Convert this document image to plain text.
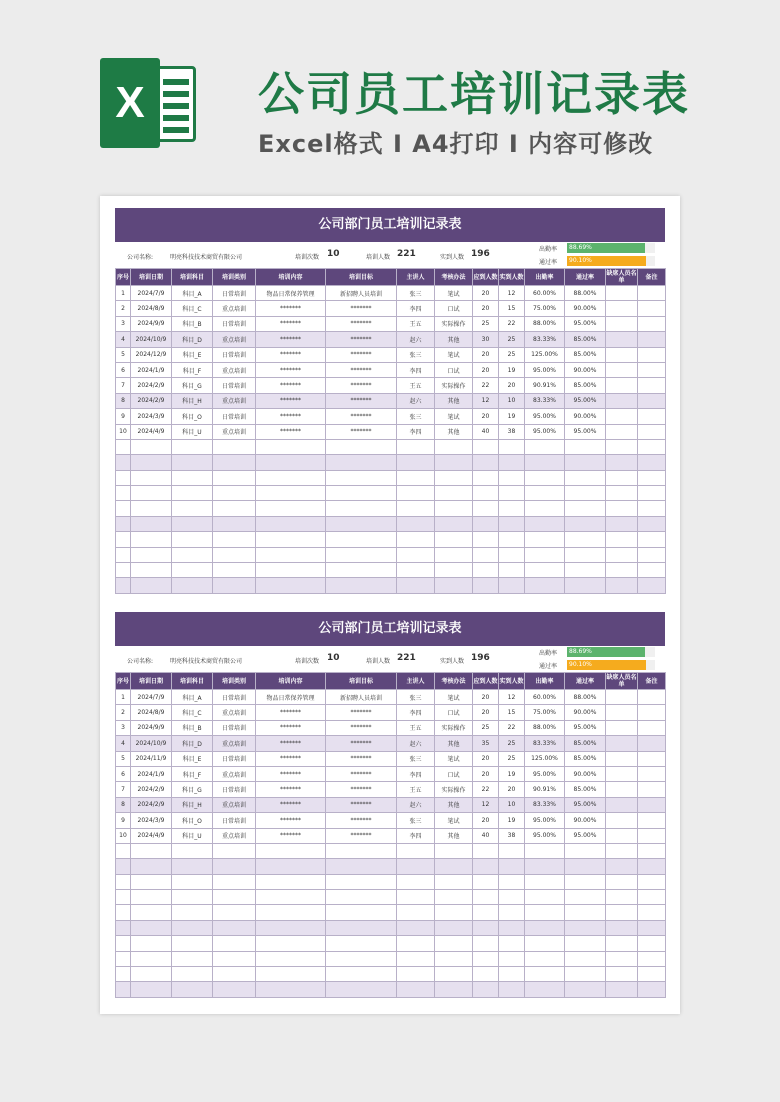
X	公司员工培训记录表
Excel格式 I A4打印 I 内容可修改
公司部门员工培训记录表
公司名称:	明亮科技技术商贸有限公司	培训次数 10	培训人数 221	实到人数 196	出勤率	88.69%
通过率	90.10%
序号	培训日期	培训科目	培训类别	培训内容	培训目标	主讲人	考核办法	应到人数	实到人数	出勤率	通过率	缺席人员名单	备注
1	2024/7/9	科目_A	日常培训	物品日常保养管理	新招聘人员培训	张三	笔试	20	12	60.00%	88.00%		
2	2024/8/9	科目_C	重点培训	*******	*******	李四	口试	20	15	75.00%	90.00%		
3	2024/9/9	科目_B	日常培训	*******	*******	王五	实际操作	25	22	88.00%	95.00%		
4	2024/10/9	科目_D	重点培训	*******	*******	赵六	其他	30	25	83.33%	85.00%		
5	2024/12/9	科目_E	日常培训	*******	*******	张三	笔试	20	25	125.00%	85.00%		
6	2024/1/9	科目_F	重点培训	*******	*******	李四	口试	20	19	95.00%	90.00%		
7	2024/2/9	科目_G	日常培训	*******	*******	王五	实际操作	22	20	90.91%	85.00%		
8	2024/2/9	科目_H	重点培训	*******	*******	赵六	其他	12	10	83.33%	95.00%		
9	2024/3/9	科目_O	日常培训	*******	*******	张三	笔试	20	19	95.00%	90.00%		
10	2024/4/9	科目_U	重点培训	*******	*******	李四	其他	40	38	95.00%	95.00%		

公司部门员工培训记录表
公司名称:	明亮科技技术商贸有限公司	培训次数 10	培训人数 221	实到人数 196	出勤率	88.69%
通过率	90.10%
序号	培训日期	培训科目	培训类别	培训内容	培训目标	主讲人	考核办法	应到人数	实到人数	出勤率	通过率	缺席人员名单	备注
1	2024/7/9	科目_A	日常培训	物品日常保养管理	新招聘人员培训	张三	笔试	20	12	60.00%	88.00%		
2	2024/8/9	科目_C	重点培训	*******	*******	李四	口试	20	15	75.00%	90.00%		
3	2024/9/9	科目_B	日常培训	*******	*******	王五	实际操作	25	22	88.00%	95.00%		
4	2024/10/9	科目_D	重点培训	*******	*******	赵六	其他	35	25	83.33%	85.00%		
5	2024/11/9	科目_E	日常培训	*******	*******	张三	笔试	20	25	125.00%	85.00%		
6	2024/1/9	科目_F	重点培训	*******	*******	李四	口试	20	19	95.00%	90.00%		
7	2024/2/9	科目_G	日常培训	*******	*******	王五	实际操作	22	20	90.91%	85.00%		
8	2024/2/9	科目_H	重点培训	*******	*******	赵六	其他	12	10	83.33%	95.00%		
9	2024/3/9	科目_O	日常培训	*******	*******	张三	笔试	20	19	95.00%	90.00%		
10	2024/4/9	科目_U	重点培训	*******	*******	李四	其他	40	38	95.00%	95.00%		
